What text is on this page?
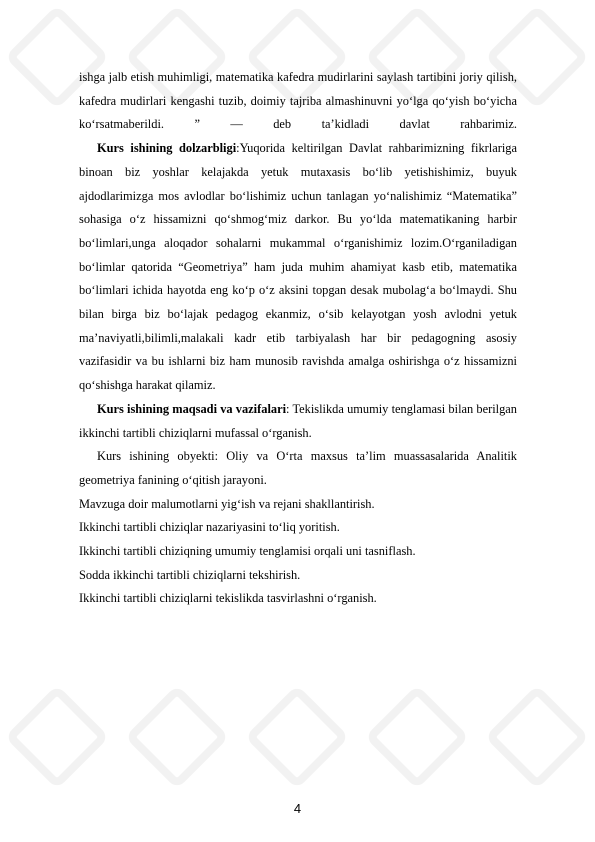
ishga jalb etish muhimligi, matematika kafedra mudirlarini saylash tartibini joriy qilish, kafedra mudirlari kengashi tuzib, doimiy tajriba almashinuvni yo‘lga qo‘yish bo‘yicha ko‘rsatmaberildi. ” — deb ta’kidladi davlat rahbarimiz.

Kurs ishining dolzarbligi:Yuqorida keltirilgan Davlat rahbarimizning fikrlariga binoan biz yoshlar kelajakda yetuk mutaxasis bo‘lib yetishishimiz, buyuk ajdodlarimizga mos avlodlar bo‘lishimiz uchun tanlagan yo‘nalishimiz “Matematika” sohasiga o‘z hissamizni qo‘shmog‘miz darkor. Bu yo‘lda matematikaning harbir bo‘limlari,unga aloqador sohalarni mukammal o‘rganishimiz lozim.O‘rganiladigan bo‘limlar qatorida “Geometriya” ham juda muhim ahamiyat kasb etib, matematika bo‘limlari ichida hayotda eng ko‘p o‘z aksini topgan desak mubolag‘a bo‘lmaydi. Shu bilan birga biz bo‘lajak pedagog ekanmiz, o‘sib kelayotgan yosh avlodni yetuk ma’naviyatli,bilimli,malakali kadr etib tarbiyalash har bir pedagogning asosiy vazifasidir va bu ishlarni biz ham munosib ravishda amalga oshirishga o‘z hissamizni qo‘shishga harakat qilamiz.

Kurs ishining maqsadi va vazifalari: Tekislikda umumiy tenglamasi bilan berilgan ikkinchi tartibli chiziqlarni mufassal o‘rganish.

Kurs ishining obyekti: Oliy va O‘rta maxsus ta’lim muassasalarida Analitik geometriya fanining o‘qitish jarayoni.

Mavzuga doir malumotlarni yig‘ish va rejani shakllantirish.

Ikkinchi tartibli chiziqlar nazariyasini to‘liq yoritish.

Ikkinchi tartibli chiziqning umumiy tenglamisi orqali uni tasniflash.

Sodda ikkinchi tartibli chiziqlarni tekshirish.

Ikkinchi tartibli chiziqlarni tekislikda tasvirlashni o‘rganish.

4
